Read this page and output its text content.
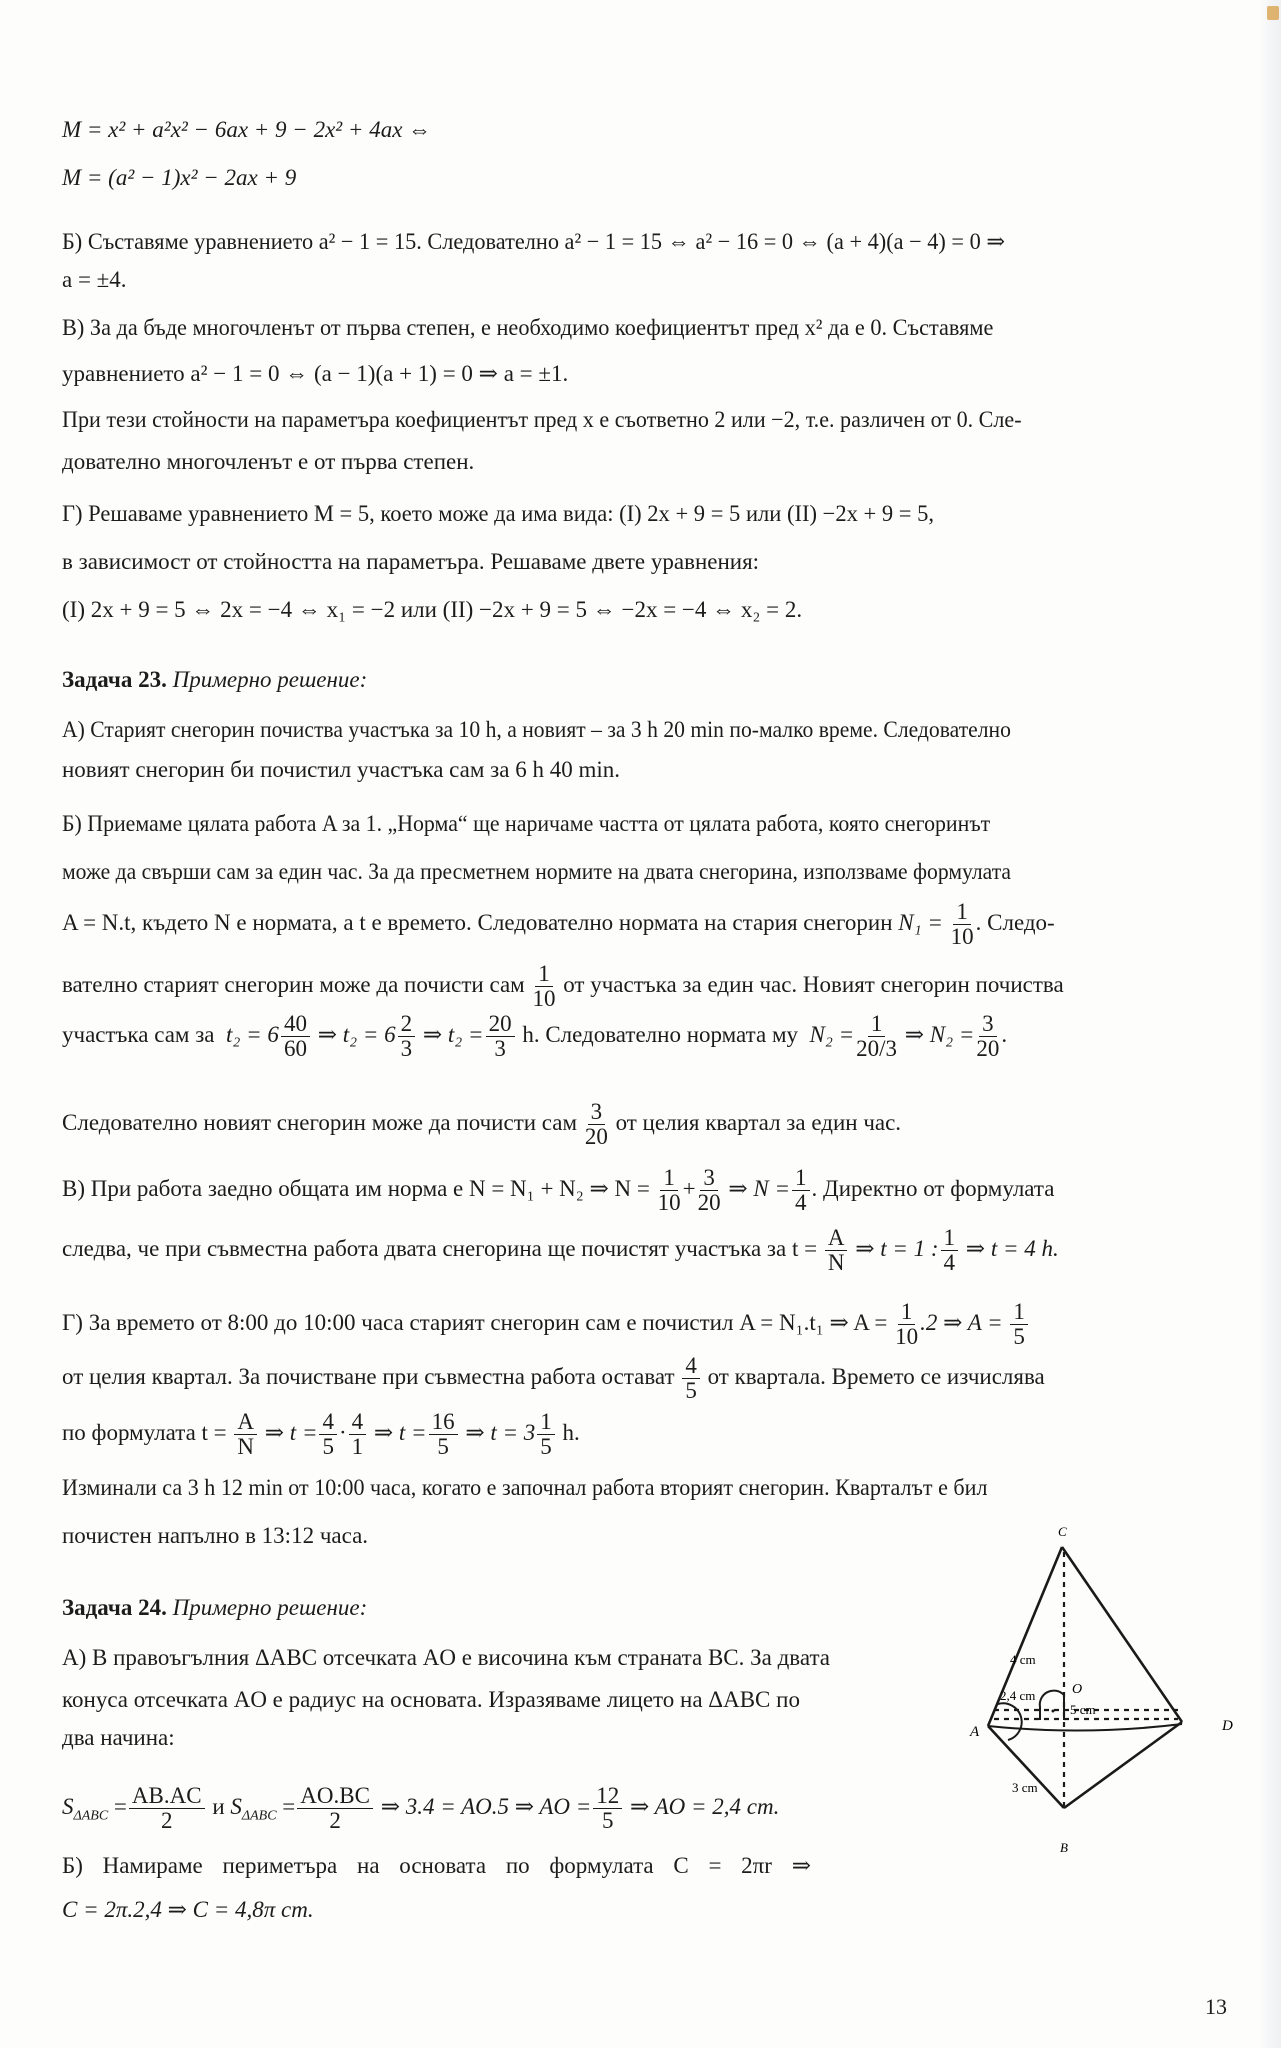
M = x² + a²x² − 6ax + 9 − 2x² + 4ax ⇔
M = (a² − 1)x² − 2ax + 9
Б) Съставяме уравнението a² − 1 = 15. Следователно a² − 1 = 15 ⇔ a² − 16 = 0 ⇔ (a + 4)(a − 4) = 0 ⇒
a = ±4.
В) За да бъде многочленът от първа степен, е необходимо коефициентът пред x² да е 0. Съставяме
уравнението a² − 1 = 0 ⇔ (a − 1)(a + 1) = 0 ⇒ a = ±1.
При тези стойности на параметъра коефициентът пред x е съответно 2 или −2, т.е. различен от 0. Сле-
дователно многочленът е от първа степен.
Г) Решаваме уравнението M = 5, което може да има вида: (I) 2x + 9 = 5 или (II) −2x + 9 = 5,
в зависимост от стойността на параметъра. Решаваме двете уравнения:
(I) 2x + 9 = 5 ⇔ 2x = −4 ⇔ x₁ = −2 или (II) −2x + 9 = 5 ⇔ −2x = −4 ⇔ x₂ = 2.
Задача 23. Примерно решение:
А) Старият снегорин почиства участъка за 10 h, а новият – за 3 h 20 min по-малко време. Следователно
новият снегорин би почистил участъка сам за 6 h 40 min.
Б) Приемаме цялата работа A за 1. „Норма“ ще наричаме частта от цялата работа, която снегоринът
може да свърши сам за един час. За да пресметнем нормите на двата снегорина, използваме формулата
A = N.t, където N е нормата, а t е времето. Следователно нормата на стария снегорин $N_1 = \frac{1}{10}$ . Следо-
вателно старият снегорин може да почисти сам $\frac{1}{10}$ от участъка за един час. Новият снегорин почиства
участъка сам за $t_2 = 6 \frac{40}{60}$ ⇒ $t_2 = 6 \frac{2}{3}$ ⇒ $t_2 = \frac{20}{3} h$. Следователно нормата му $N_2 = \frac{1}{20/3}$ ⇒ $N_2 = \frac{3}{20}$ .
Следователно новият снегорин може да почисти сам $\frac{3}{20}$ от целия квартал за един час.
В) При работа заедно общата им норма е N = N₁ + N₂ ⇒ $N = \frac{1}{10} + \frac{3}{20}$ ⇒ $N = \frac{1}{4}$ . Директно от формулата
следва, че при съвместна работа двата снегорина ще почистят участъка за $t = \frac{A}{N}$ ⇒ t = 1 : $\frac{1}{4}$ ⇒ t = 4 h.
Г) За времето от 8:00 до 10:00 часа старият снегорин сам е почистил A = N₁.t₁ ⇒ $A = \frac{1}{10} .2$ ⇒ $A = \frac{1}{5}$
от целия квартал. За почистване при съвместна работа остават $\frac{4}{5}$ от квартала. Времето се изчислява
по формулата $t = \frac{A}{N}$ ⇒ $t = \frac{4}{5} \cdot \frac{4}{1}$ ⇒ $t = \frac{16}{5}$ ⇒ $t = 3 \frac{1}{5} h$.
Изминали са 3 h 12 min от 10:00 часа, когато е започнал работа вторият снегорин. Кварталът е бил
почистен напълно в 13:12 часа.
Задача 24. Примерно решение:
А) В правоъгълния ΔABC отсечката AO е височина към страната BC. За двата
конуса отсечката AO е радиус на основата. Изразяваме лицето на ΔABC по
два начина:
$S_{\Delta ABC} = \frac{AB.AC}{2}$ и $S_{\Delta ABC} = \frac{AO.BC}{2}$ ⇒ 3.4 = AO.5 ⇒ AO = $\frac{12}{5}$ ⇒ AO = 2,4 cm.
Б) Намираме периметъра на основата по формулата C = 2πr ⇒
C = 2π.2,4 ⇒ C = 4,8π cm.
C
A	D
O
B
4 cm
5 cm
3 cm
2,4 cm
13
